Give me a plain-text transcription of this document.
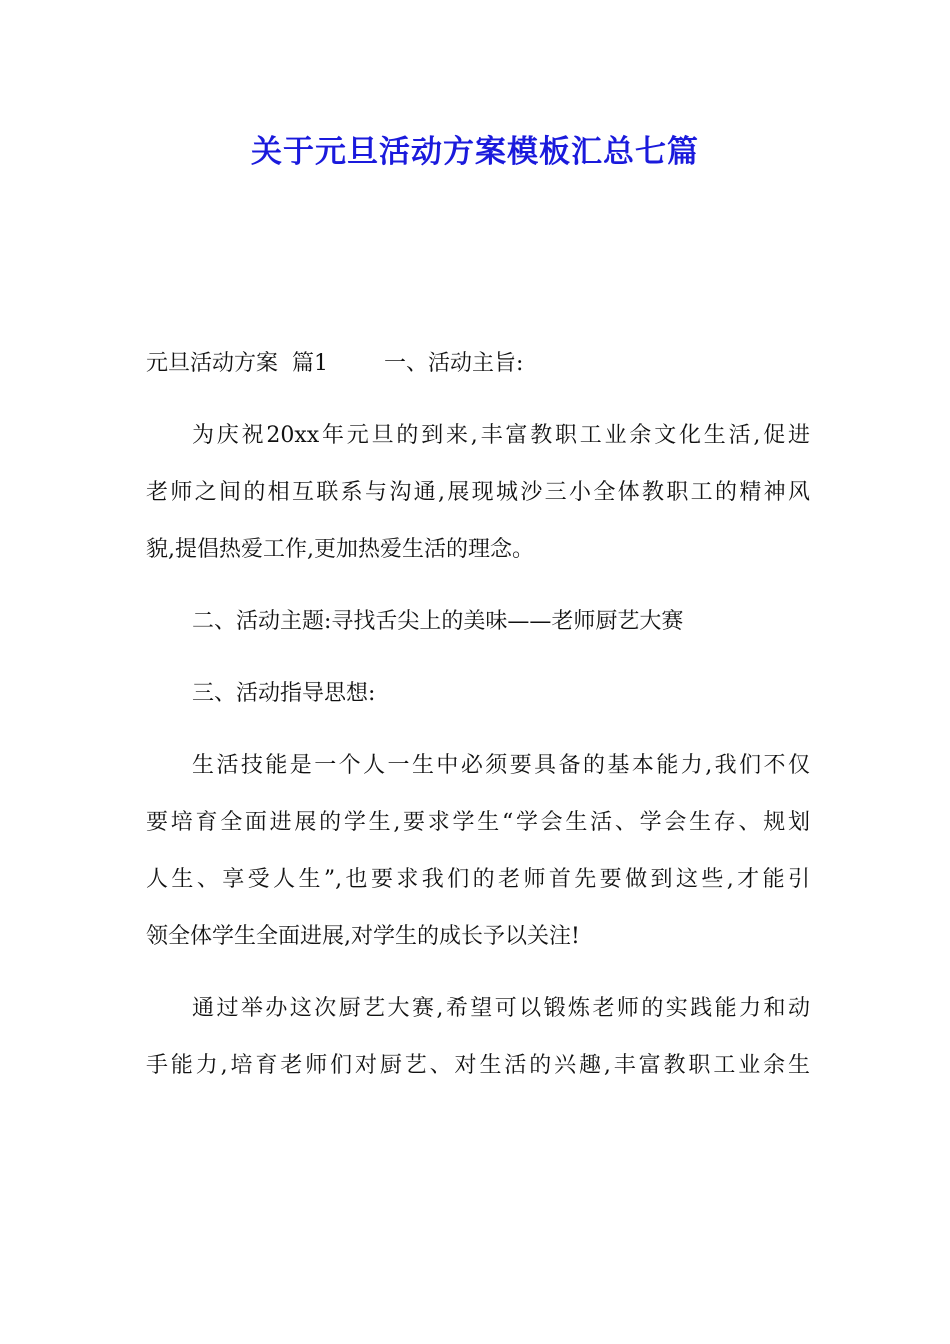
关于元旦活动方案模板汇总七篇

元旦活动方案  篇1	一、活动主旨:

为庆祝20xx年元旦的到来,丰富教职工业余文化生活,促进
老师之间的相互联系与沟通,展现城沙三小全体教职工的精神风
貌,提倡热爱工作,更加热爱生活的理念。

二、活动主题:寻找舌尖上的美味——老师厨艺大赛

三、活动指导思想:

生活技能是一个人一生中必须要具备的基本能力,我们不仅
要培育全面进展的学生,要求学生“学会生活、学会生存、规划
人生、享受人生”,也要求我们的老师首先要做到这些,才能引
领全体学生全面进展,对学生的成长予以关注!

通过举办这次厨艺大赛,希望可以锻炼老师的实践能力和动
手能力,培育老师们对厨艺、对生活的兴趣,丰富教职工业余生
